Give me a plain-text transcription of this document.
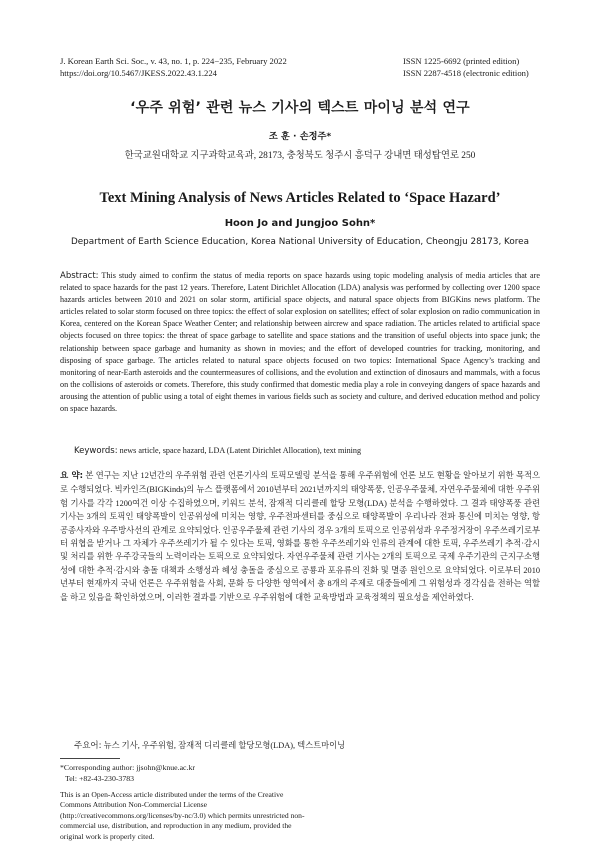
J. Korean Earth Sci. Soc., v. 43, no. 1, p. 224−235, February 2022
https://doi.org/10.5467/JKESS.2022.43.1.224
ISSN 1225-6692 (printed edition)
ISSN 2287-4518 (electronic edition)
‘우주 위험’ 관련 뉴스 기사의 텍스트 마이닝 분석 연구
조 훈 · 손정주*
한국교원대학교 지구과학교육과, 28173, 충청북도 청주시 흥덕구 강내면 태성탑연로 250
Text Mining Analysis of News Articles Related to ‘Space Hazard’
Hoon Jo and Jungjoo Sohn*
Department of Earth Science Education, Korea National University of Education, Cheongju 28173, Korea
Abstract: This study aimed to confirm the status of media reports on space hazards using topic modeling analysis of media articles that are related to space hazards for the past 12 years. Therefore, Latent Dirichlet Allocation (LDA) analysis was performed by collecting over 1200 space hazards articles between 2010 and 2021 on solar storm, artificial space objects, and natural space objects from BIGKins news platform. The articles related to solar storm focused on three topics: the effect of solar explosion on satellites; effect of solar explosion on radio communication in Korea, centered on the Korean Space Weather Center; and relationship between aircrew and space radiation. The articles related to artificial space objects focused on three topics: the threat of space garbage to satellite and space stations and the transition of useful objects into space junk; the relationship between space garbage and humanity as shown in movies; and the effort of developed countries for tracking, monitoring, and disposing of space garbage. The articles related to natural space objects focused on two topics: International Space Agency’s tracking and monitoring of near-Earth asteroids and the countermeasures of collisions, and the evolution and extinction of dinosaurs and mammals, with a focus on the collisions of asteroids or comets. Therefore, this study confirmed that domestic media play a role in conveying dangers of space hazards and arousing the attention of public using a total of eight themes in various fields such as society and culture, and derived education method and policy on space hazards.
Keywords: news article, space hazard, LDA (Latent Dirichlet Allocation), text mining
요 약: 본 연구는 지난 12년간의 우주위험 관련 언론기사의 토픽모델링 분석을 통해 우주위험에 언론 보도 현황을 알아보기 위한 목적으로 수행되었다. 빅카인즈(BIGKinds)의 뉴스 플랫폼에서 2010년부터 2021년까지의 태양폭풍, 인공우주물체, 자연우주물체에 대한 우주위험 기사를 각각 1200여건 이상 수집하였으며, 키워드 분석, 잠재적 디리클레 할당 모형(LDA) 분석을 수행하였다. 그 결과 태양폭풍 관련 기사는 3개의 토픽인 태양폭발이 인공위성에 미치는 영향, 우주전파센터를 중심으로 태양폭발이 우리나라 전파 통신에 미치는 영향, 항공종사자와 우주방사선의 관계로 요약되었다. 인공우주물체 관련 기사의 경우 3개의 토픽으로 인공위성과 우주정거장이 우주쓰레기로부터 위협을 받거나 그 자체가 우주쓰레기가 될 수 있다는 토픽, 영화를 통한 우주쓰레기와 인류의 관계에 대한 토픽, 우주쓰레기 추적·감시 및 처리를 위한 우주강국들의 노력이라는 토픽으로 요약되었다. 자연우주물체 관련 기사는 2개의 토픽으로 국제 우주기관의 근지구소행성에 대한 추적·감시와 충돌 대책과 소행성과 혜성 충돌을 중심으로 공룡과 포유류의 진화 및 멸종 원인으로 요약되었다. 이로부터 2010년부터 현재까지 국내 언론은 우주위험을 사회, 문화 등 다양한 영역에서 총 8개의 주제로 대중들에게 그 위험성과 경각심을 전하는 역할을 하고 있음을 확인하였으며, 이러한 결과를 기반으로 우주위험에 대한 교육방법과 교육정책의 필요성을 제언하였다.
주요어: 뉴스 기사, 우주위험, 잠재적 디리클레 할당모형(LDA), 텍스트마이닝
*Corresponding author: jjsohn@knue.ac.kr
Tel: +82-43-230-3783
This is an Open-Access article distributed under the terms of the Creative Commons Attribution Non-Commercial License (http://creativecommons.org/licenses/by-nc/3.0) which permits unrestricted non-commercial use, distribution, and reproduction in any medium, provided the original work is properly cited.
